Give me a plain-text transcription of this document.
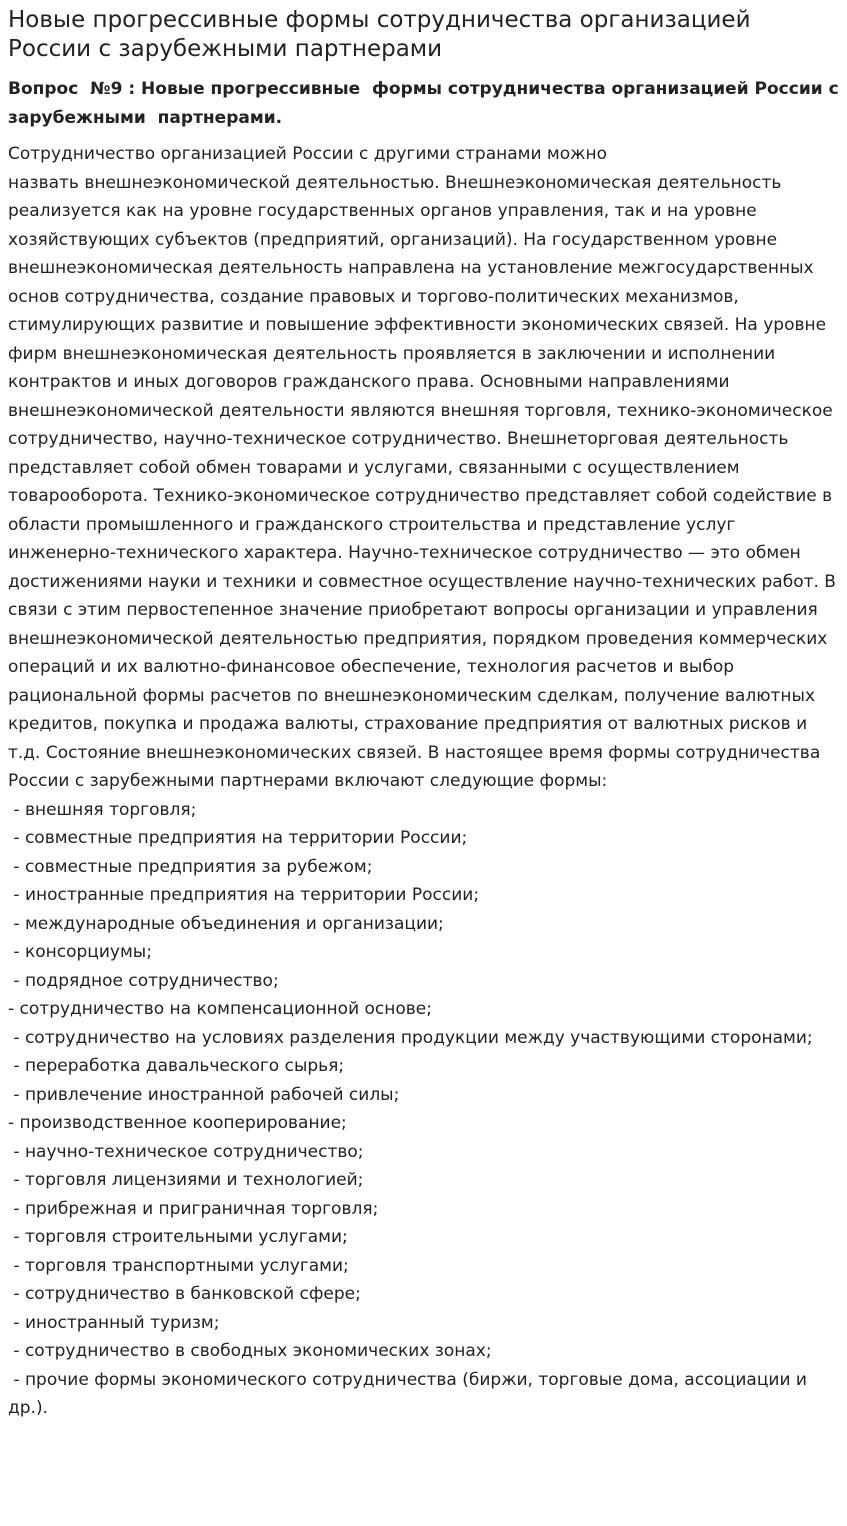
Новые прогрессивные формы сотрудничества организацией России с зарубежными партнерами
Вопрос  №9 : Новые прогрессивные  формы сотрудничества организацией России с зарубежными  партнерами.

Сотрудничество организацией России с другими странами можно
назвать внешнеэкономической деятельностью. Внешнеэкономическая деятельность реализуется как на уровне государственных органов управления, так и на уровне хозяйствующих субъектов (предприятий, организаций). На государственном уровне внешнеэкономическая деятельность направлена на установление межгосударственных основ сотрудничества, создание правовых и торгово-политических механизмов, стимулирующих развитие и повышение эффективности экономических связей. На уровне фирм внешнеэкономическая деятельность проявляется в заключении и исполнении контрактов и иных договоров гражданского права. Основными направлениями внешнеэкономической деятельности являются внешняя торговля, технико-экономическое сотрудничество, научно-техническое сотрудничество. Внешнеторговая деятельность представляет собой обмен товарами и услугами, связанными с осуществлением товарооборота. Технико-экономическое сотрудничество представляет собой содействие в области промышленного и гражданского строительства и представление услуг инженерно-технического характера. Научно-техническое сотрудничество — это обмен достижениями науки и техники и совместное осуществление научно-технических работ. В связи с этим первостепенное значение приобретают вопросы организации и управления внешнеэкономической деятельностью предприятия, порядком проведения коммерческих операций и их валютно-финансовое обеспечение, технология расчетов и выбор рациональной формы расчетов по внешнеэкономическим сделкам, получение валютных кредитов, покупка и продажа валюты, страхование предприятия от валютных рисков и т.д. Состояние внешнеэкономических связей. В настоящее время формы сотрудничества России с зарубежными партнерами включают следующие формы:

- внешняя торговля;
- совместные предприятия на территории России;
- совместные предприятия за рубежом;
- иностранные предприятия на территории России;
- международные объединения и организации;
- консорциумы;
- подрядное сотрудничество;
- сотрудничество на компенсационной основе;
- сотрудничество на условиях разделения продукции между участвующими сторонами;
- переработка давальческого сырья;
- привлечение иностранной рабочей силы;
- производственное кооперирование;
- научно-техническое сотрудничество;
- торговля лицензиями и технологией;
- прибрежная и приграничная торговля;
- торговля строительными услугами;
- торговля транспортными услугами;
- сотрудничество в банковской сфере;
- иностранный туризм;
- сотрудничество в свободных экономических зонах;
- прочие формы экономического сотрудничества (биржи, торговые дома, ассоциации и др.).
